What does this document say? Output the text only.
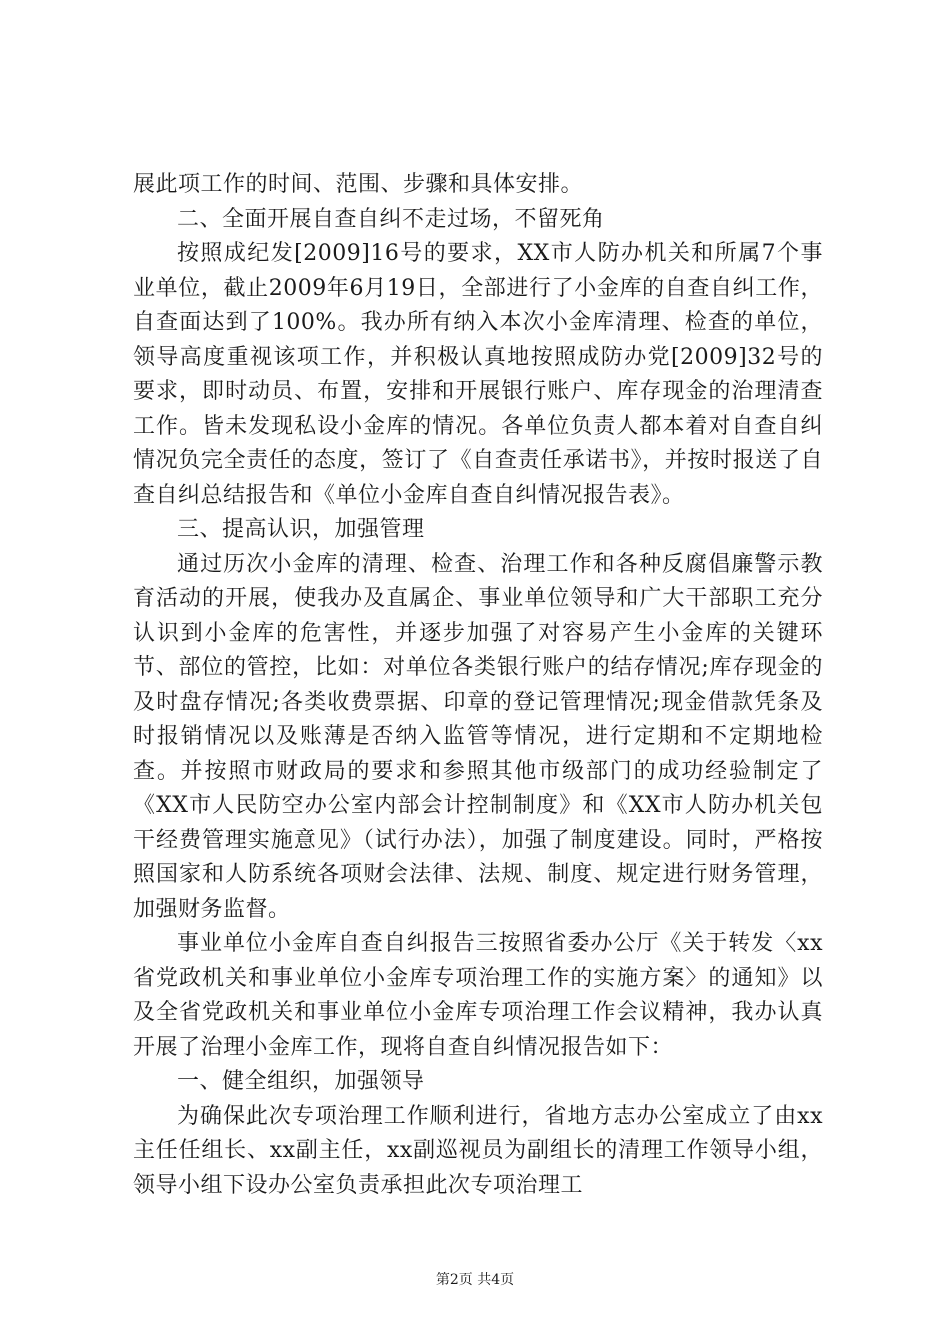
展此项工作的时间、范围、步骤和具体安排。

二、全面开展自查自纠不走过场，不留死角

按照成纪发[2009]16号的要求，XX市人防办机关和所属7个事业单位，截止2009年6月19日，全部进行了小金库的自查自纠工作，自查面达到了100%。我办所有纳入本次小金库清理、检查的单位，领导高度重视该项工作，并积极认真地按照成防办党[2009]32号的要求，即时动员、布置，安排和开展银行账户、库存现金的治理清查工作。皆未发现私设小金库的情况。各单位负责人都本着对自查自纠情况负完全责任的态度，签订了《自查责任承诺书》，并按时报送了自查自纠总结报告和《单位小金库自查自纠情况报告表》。

三、提高认识，加强管理

通过历次小金库的清理、检查、治理工作和各种反腐倡廉警示教育活动的开展，使我办及直属企、事业单位领导和广大干部职工充分认识到小金库的危害性，并逐步加强了对容易产生小金库的关键环节、部位的管控，比如：对单位各类银行账户的结存情况;库存现金的及时盘存情况;各类收费票据、印章的登记管理情况;现金借款凭条及时报销情况以及账薄是否纳入监管等情况，进行定期和不定期地检查。并按照市财政局的要求和参照其他市级部门的成功经验制定了《XX市人民防空办公室内部会计控制制度》和《XX市人防办机关包干经费管理实施意见》（试行办法），加强了制度建设。同时，严格按照国家和人防系统各项财会法律、法规、制度、规定进行财务管理，加强财务监督。

事业单位小金库自查自纠报告三按照省委办公厅《关于转发〈xx省党政机关和事业单位小金库专项治理工作的实施方案〉的通知》以及全省党政机关和事业单位小金库专项治理工作会议精神，我办认真开展了治理小金库工作，现将自查自纠情况报告如下：

一、健全组织，加强领导

为确保此次专项治理工作顺利进行，省地方志办公室成立了由xx主任任组长、xx副主任，xx副巡视员为副组长的清理工作领导小组，领导小组下设办公室负责承担此次专项治理工

第2页 共4页
